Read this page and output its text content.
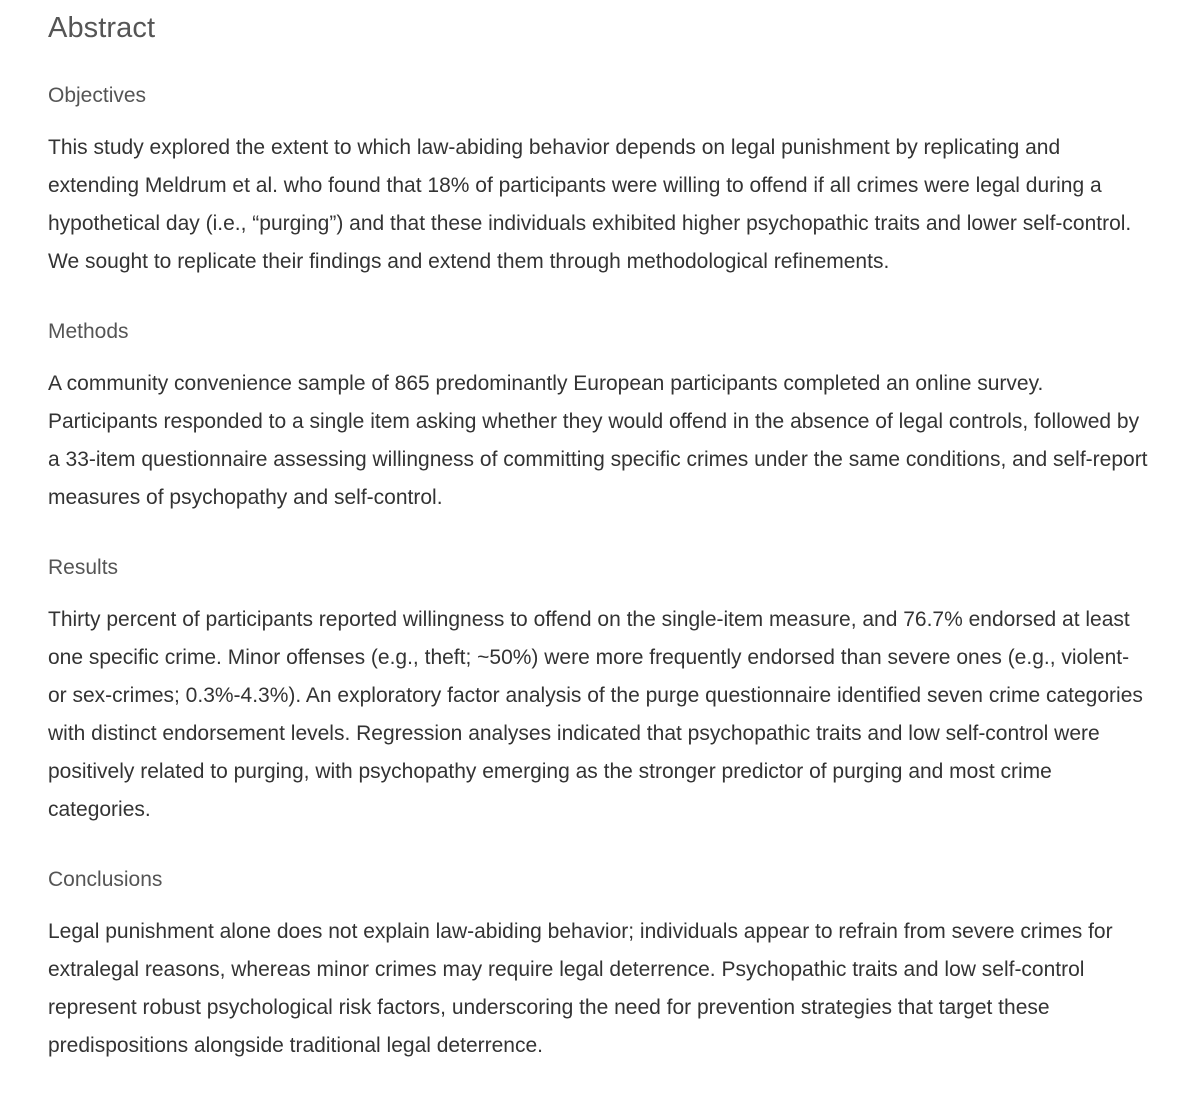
Abstract
Objectives

This study explored the extent to which law-abiding behavior depends on legal punishment by replicating and extending Meldrum et al. who found that 18% of participants were willing to offend if all crimes were legal during a hypothetical day (i.e., “purging”) and that these individuals exhibited higher psychopathic traits and lower self-control. We sought to replicate their findings and extend them through methodological refinements.

Methods

A community convenience sample of 865 predominantly European participants completed an online survey. Participants responded to a single item asking whether they would offend in the absence of legal controls, followed by a 33-item questionnaire assessing willingness of committing specific crimes under the same conditions, and self-report measures of psychopathy and self-control.

Results

Thirty percent of participants reported willingness to offend on the single-item measure, and 76.7% endorsed at least one specific crime. Minor offenses (e.g., theft; ~50%) were more frequently endorsed than severe ones (e.g., violent- or sex-crimes; 0.3%-4.3%). An exploratory factor analysis of the purge questionnaire identified seven crime categories with distinct endorsement levels. Regression analyses indicated that psychopathic traits and low self-control were positively related to purging, with psychopathy emerging as the stronger predictor of purging and most crime categories.

Conclusions

Legal punishment alone does not explain law-abiding behavior; individuals appear to refrain from severe crimes for extralegal reasons, whereas minor crimes may require legal deterrence. Psychopathic traits and low self-control represent robust psychological risk factors, underscoring the need for prevention strategies that target these predispositions alongside traditional legal deterrence.
